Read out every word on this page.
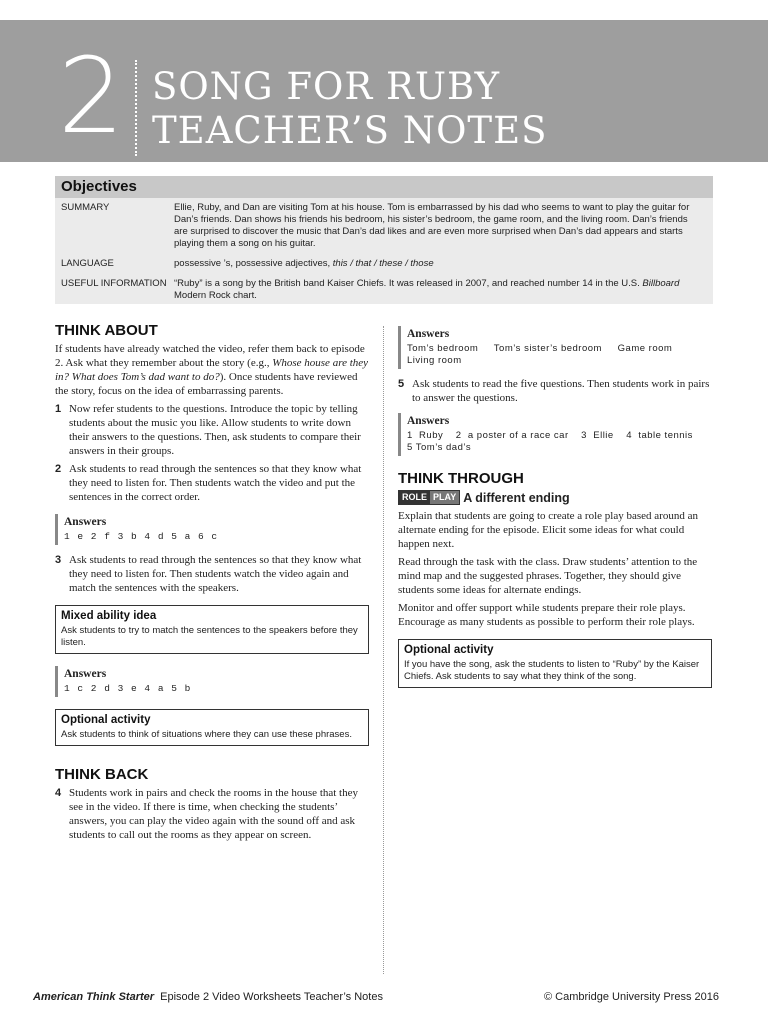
2 SONG FOR RUBY
TEACHER’S NOTES
Objectives
SUMMARY	Ellie, Ruby, and Dan are visiting Tom at his house. Tom is embarrassed by his dad who seems to want to play the guitar for Dan’s friends. Dan shows his friends his bedroom, his sister’s bedroom, the game room, and the living room. Dan’s friends are surprised to discover the music that Dan’s dad likes and are even more surprised when Dan’s dad appears and starts playing them a song on his guitar.
LANGUAGE	possessive ’s, possessive adjectives, this / that / these / those
USEFUL INFORMATION “Ruby” is a song by the British band Kaiser Chiefs. It was released in 2007, and reached number 14 in the U.S. Billboard Modern Rock chart.
THINK ABOUT

If students have already watched the video, refer them back to episode 2. Ask what they remember about the story (e.g., Whose house are they in? What does Tom’s dad want to do?). Once students have reviewed the story, focus on the idea of embarrassing parents.

1 Now refer students to the questions. Introduce the topic by telling students about the music you like. Allow students to write down their answers to the questions. Then, ask students to compare their answers in their groups.
2 Ask students to read through the sentences so that they know what they need to listen for. Then students watch the video and put the sentences in the correct order.
Answers
1 e 2 f 3 b 4 d 5 a 6 c
3 Ask students to read through the sentences so that they know what they need to listen for. Then students watch the video again and match the sentences with the speakers.
Mixed ability idea
Ask students to try to match the sentences to the speakers before they listen.
Answers
1 c 2 d 3 e 4 a 5 b
Optional activity
Ask students to think of situations where they can use these phrases.
THINK BACK
4 Students work in pairs and check the rooms in the house that they see in the video. If there is time, when checking the students’ answers, you can play the video again with the sound off and ask students to call out the rooms as they appear on screen.
Answers
Tom’s bedroom     Tom’s sister’s bedroom     Game room
Living room
5 Ask students to read the five questions. Then students work in pairs to answer the questions.
Answers
1  Ruby    2  a poster of a race car    3  Ellie    4  table tennis
5 Tom’s dad’s
THINK THROUGH
ROLE PLAY A different ending

Explain that students are going to create a role play based around an alternate ending for the episode. Elicit some ideas for what could happen next.

Read through the task with the class. Draw students’ attention to the mind map and the suggested phrases. Together, they should give students some ideas for alternate endings.

Monitor and offer support while students prepare their role plays. Encourage as many students as possible to perform their role plays.

Optional activity
If you have the song, ask the students to listen to “Ruby” by the Kaiser Chiefs. Ask students to say what they think of the song.
American Think Starter  Episode 2 Video Worksheets Teacher’s Notes	© Cambridge University Press 2016
